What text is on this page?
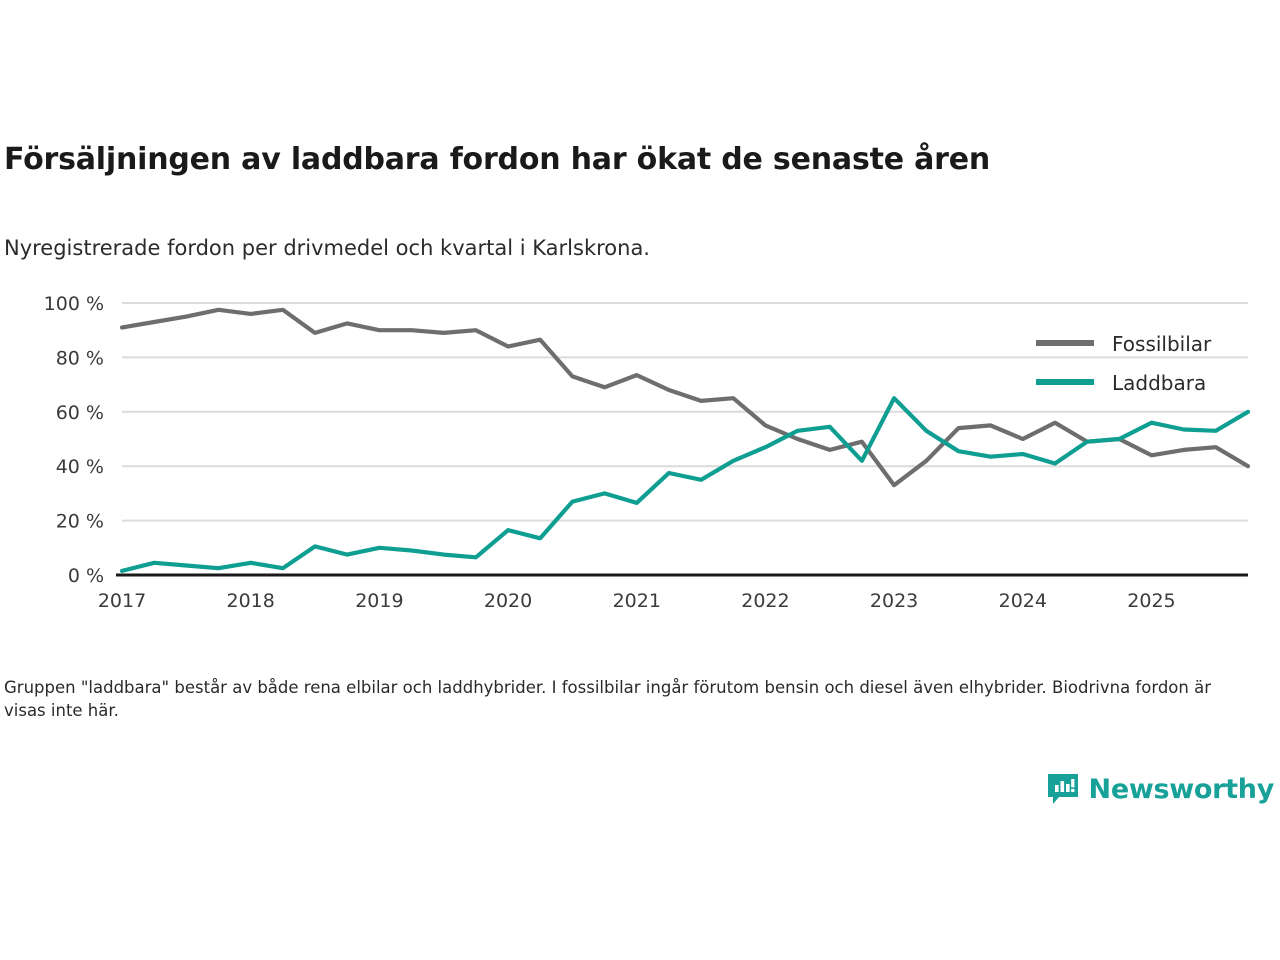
Försäljningen av laddbara fordon har ökat de senaste åren
Nyregistrerade fordon per drivmedel och kvartal i Karlskrona.
0 %
20 %
40 %
60 %
80 %
100 %
2017	2018	2019	2020	2021	2022	2023	2024	2025
Fossilbilar
Laddbara
Gruppen "laddbara" består av både rena elbilar och laddhybrider. I fossilbilar ingår förutom bensin och diesel även elhybrider. Biodrivna fordon är visas inte här.
Newsworthy
